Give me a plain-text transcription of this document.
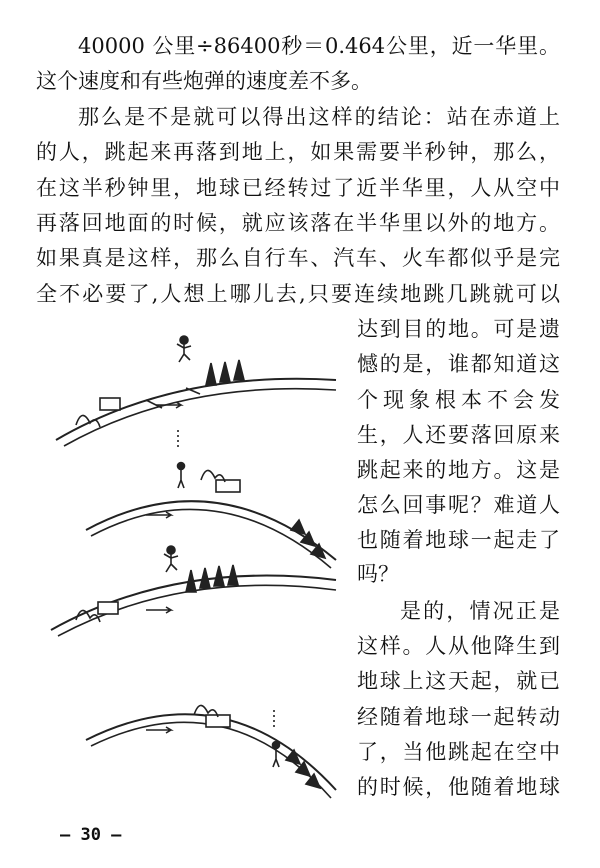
40000 公里÷86400秒＝0.464公里，近一华里。
这个速度和有些炮弹的速度差不多。
那么是不是就可以得出这样的结论：站在赤道上
的人，跳起来再落到地上，如果需要半秒钟，那么，
在这半秒钟里，地球已经转过了近半华里，人从空中
再落回地面的时候，就应该落在半华里以外的地方。
如果真是这样，那么自行车、汽车、火车都似乎是完
全不必要了,人想上哪儿去,只要连续地跳几跳就可以
达到目的地。可是遗
憾的是，谁都知道这
个现象根本不会发
生，人还要落回原来
跳起来的地方。这是
怎么回事呢？难道人
也随着地球一起走了
吗？
是的，情况正是
这样。人从他降生到
地球上这天起，就已
经随着地球一起转动
了，当他跳起在空中
的时候，他随着地球
— 30 —
